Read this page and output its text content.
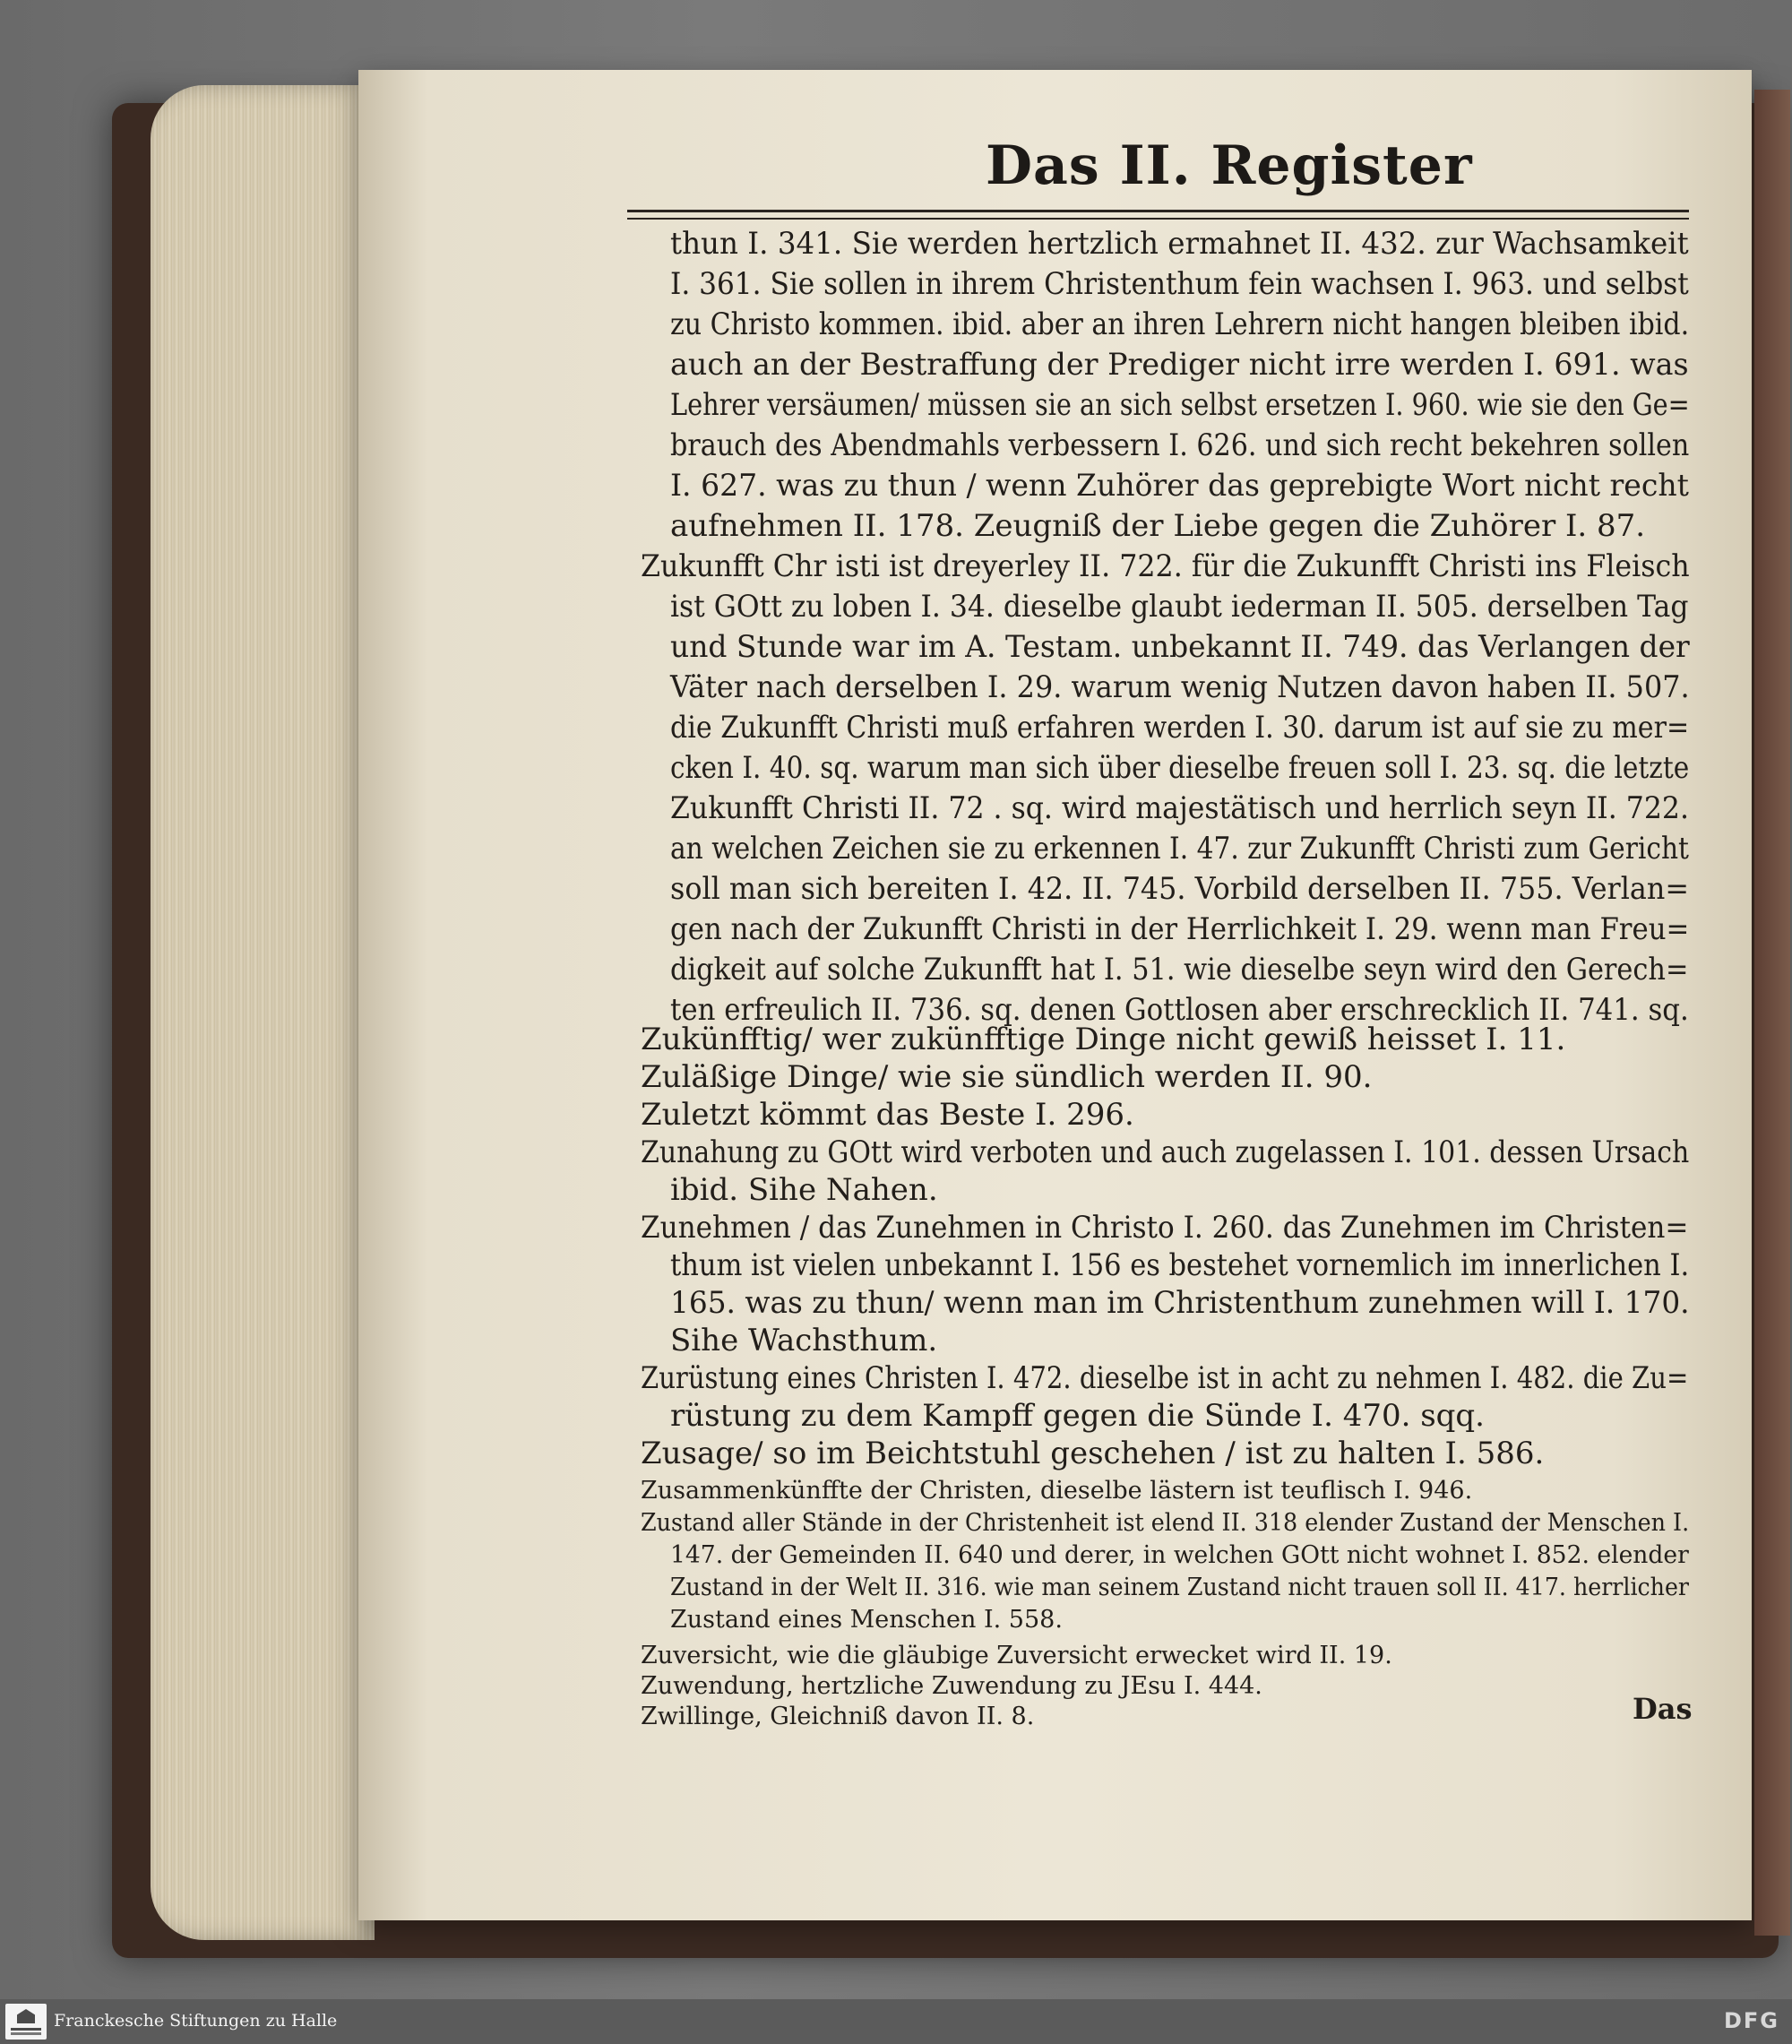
Das II. Register
thun I. 341. Sie werden hertzlich ermahnet II. 432. zur Wachsamkeit
I. 361. Sie sollen in ihrem Christenthum fein wachsen I. 963. und selbst
zu Christo kommen. ibid. aber an ihren Lehrern nicht hangen bleiben ibid.
auch an der Bestraffung der Prediger nicht irre werden I. 691. was
Lehrer versäumen/ müssen sie an sich selbst ersetzen I. 960. wie sie den Ge=
brauch des Abendmahls verbessern I. 626. und sich recht bekehren sollen
I. 627. was zu thun / wenn Zuhörer das geprebigte Wort nicht recht
aufnehmen II. 178. Zeugniß der Liebe gegen die Zuhörer I. 87.
Zukunfft Chr isti ist dreyerley II. 722. für die Zukunfft Christi ins Fleisch
ist GOtt zu loben I. 34. dieselbe glaubt iederman II. 505. derselben Tag
und Stunde war im A. Testam. unbekannt II. 749. das Verlangen der
Väter nach derselben I. 29. warum wenig Nutzen davon haben II. 507.
die Zukunfft Christi muß erfahren werden I. 30. darum ist auf sie zu mer=
cken I. 40. sq. warum man sich über dieselbe freuen soll I. 23. sq. die letzte
Zukunfft Christi II. 72 . sq. wird majestätisch und herrlich seyn II. 722.
an welchen Zeichen sie zu erkennen I. 47. zur Zukunfft Christi zum Gericht
soll man sich bereiten I. 42. II. 745. Vorbild derselben II. 755. Verlan=
gen nach der Zukunfft Christi in der Herrlichkeit I. 29. wenn man Freu=
digkeit auf solche Zukunfft hat I. 51. wie dieselbe seyn wird den Gerech=
ten erfreulich II. 736. sq. denen Gottlosen aber erschrecklich II. 741. sq.
Zukünfftig/ wer zukünfftige Dinge nicht gewiß heisset I. 11.
Zuläßige Dinge/ wie sie sündlich werden II. 90.
Zuletzt kömmt das Beste I. 296.
Zunahung zu GOtt wird verboten und auch zugelassen I. 101. dessen Ursach
ibid. Sihe Nahen.
Zunehmen / das Zunehmen in Christo I. 260. das Zunehmen im Christen=
thum ist vielen unbekannt I. 156 es bestehet vornemlich im innerlichen I.
165. was zu thun/ wenn man im Christenthum zunehmen will I. 170.
Sihe Wachsthum.
Zurüstung eines Christen I. 472. dieselbe ist in acht zu nehmen I. 482. die Zu=
rüstung zu dem Kampff gegen die Sünde I. 470. sqq.
Zusage/ so im Beichtstuhl geschehen / ist zu halten I. 586.
Zusammenkünffte der Christen, dieselbe lästern ist teuflisch I. 946.
Zustand aller Stände in der Christenheit ist elend II. 318 elender Zustand der Menschen I.
147. der Gemeinden II. 640 und derer, in welchen GOtt nicht wohnet I. 852. elender
Zustand in der Welt II. 316. wie man seinem Zustand nicht trauen soll II. 417. herrlicher
Zustand eines Menschen I. 558.
Zuversicht, wie die gläubige Zuversicht erwecket wird II. 19.
Zuwendung, hertzliche Zuwendung zu JEsu I. 444.
Zwillinge, Gleichniß davon II. 8.	Das
Franckesche Stiftungen zu Halle	DFG
